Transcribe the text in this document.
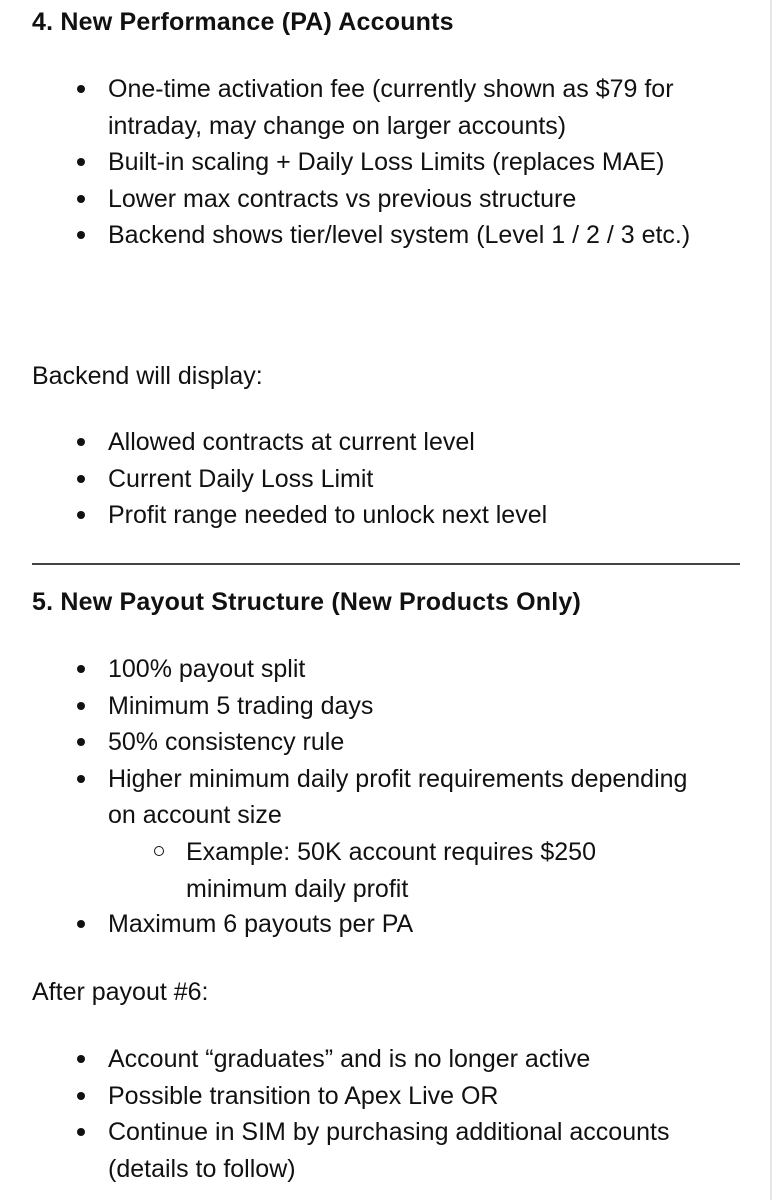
4. New Performance (PA) Accounts
One-time activation fee (currently shown as $79 for intraday, may change on larger accounts)
Built-in scaling + Daily Loss Limits (replaces MAE)
Lower max contracts vs previous structure
Backend shows tier/level system (Level 1 / 2 / 3 etc.)

Backend will display:

Allowed contracts at current level
Current Daily Loss Limit
Profit range needed to unlock next level
5. New Payout Structure (New Products Only)
100% payout split
Minimum 5 trading days
50% consistency rule
Higher minimum daily profit requirements depending on account size
Example: 50K account requires $250 minimum daily profit
Maximum 6 payouts per PA

After payout #6:

Account “graduates” and is no longer active
Possible transition to Apex Live OR
Continue in SIM by purchasing additional accounts (details to follow)
